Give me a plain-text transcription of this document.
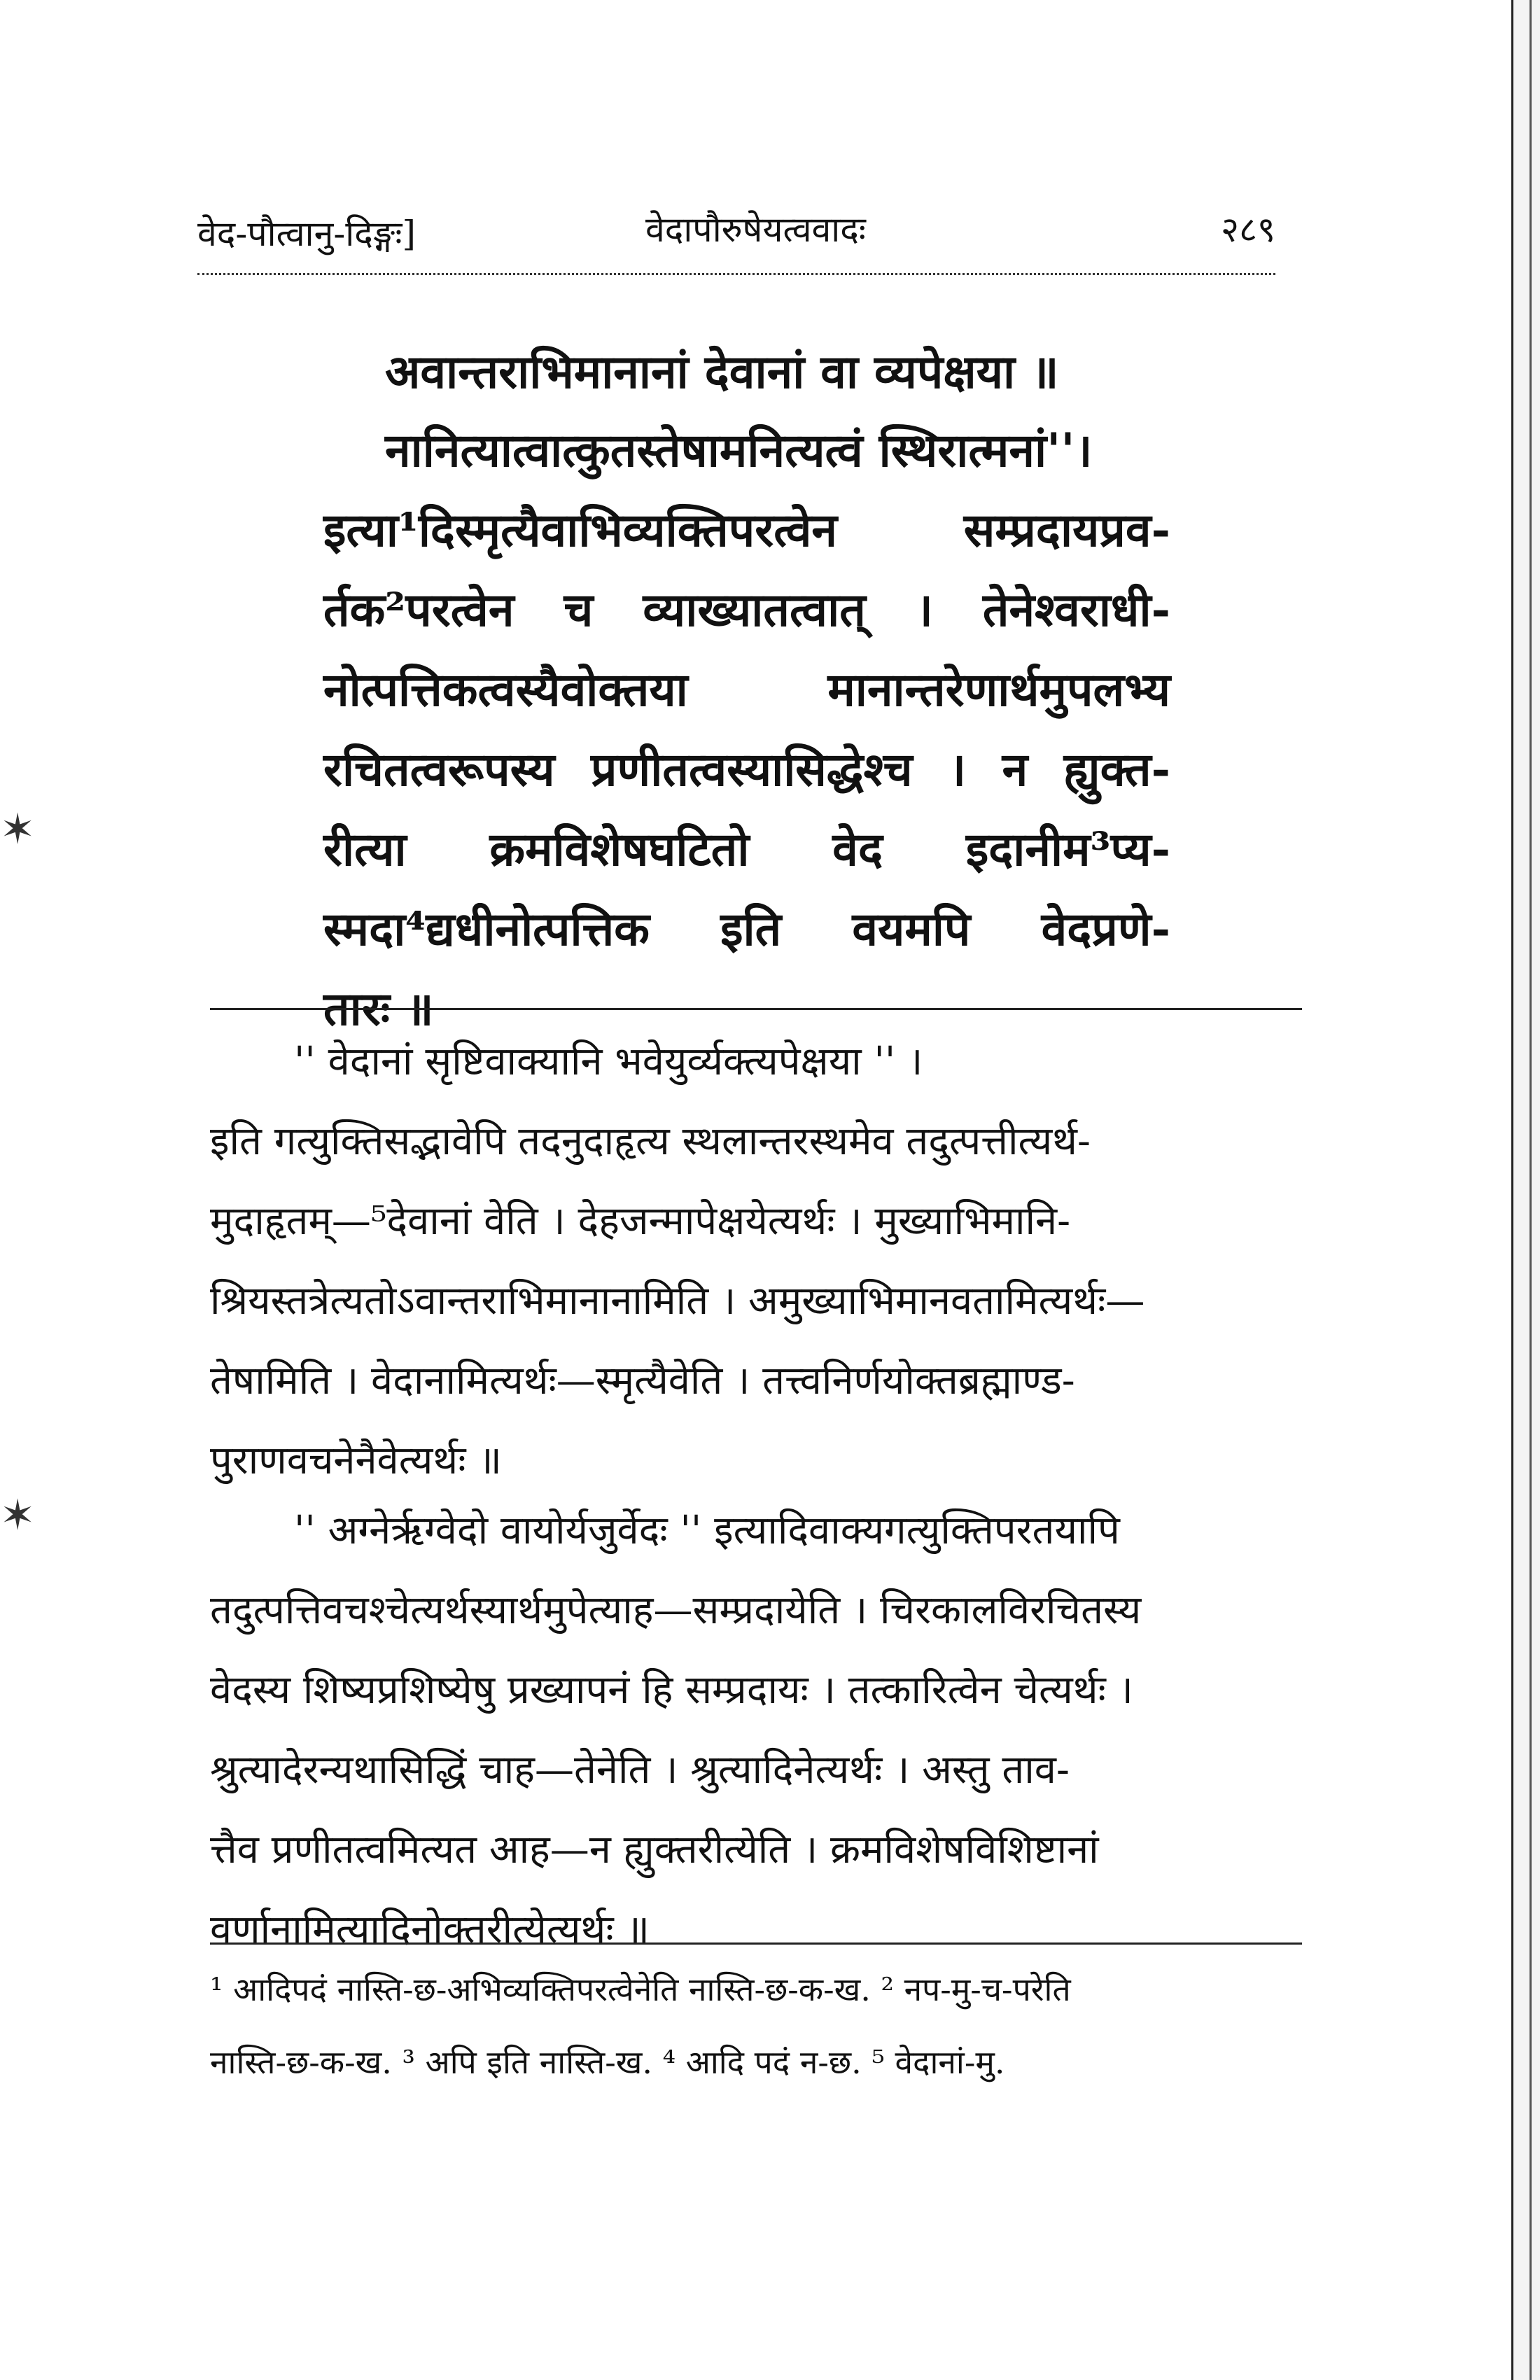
✶
✶
वेद-पौत्वानु-दिङ्गः]	वेदापौरुषेयत्ववादः	२८९
अवान्तराभिमानानां देवानां वा व्यपेक्षया ॥
नानित्यात्वात्कुतस्तेषामनित्यत्वं स्थिरात्मनां''।
इत्या¹दिस्मृत्यैवाभिव्यक्तिपरत्वेन सम्प्रदायप्रव-
र्तक²परत्वेन च व्याख्यातत्वात् । तेनेश्वराधी-
नोत्पत्तिकत्वस्यैवोक्तया मानान्तरेणार्थमुपलभ्य
रचितत्वरूपस्य प्रणीतत्वस्यासिद्धेश्च । न ह्युक्त-
रीत्या क्रमविशेषघटितो वेद इदानीम³प्य-
स्मदा⁴द्यधीनोत्पत्तिक इति वयमपि वेदप्रणे-
तारः ॥

'' वेदानां सृष्टिवाक्यानि भवेयुर्व्यक्त्यपेक्षया '' ।

इति गत्युक्तिसद्भावेपि तदनुदाहृत्य स्थलान्तरस्थमेव तदुत्पत्तीत्यर्थ-

मुदाहृतम्—⁵देवानां वेति । देहजन्मापेक्षयेत्यर्थः । मुख्याभिमानि-

श्रियस्तत्रेत्यतोऽवान्तराभिमानानामिति । अमुख्याभिमानवतामित्यर्थः—

तेषामिति । वेदानामित्यर्थः—स्मृत्यैवेति । तत्त्वनिर्णयोक्तब्रह्माण्ड-

पुराणवचनेनैवेत्यर्थः ॥

'' अग्नेरृग्वेदो वायोर्यजुर्वेदः '' इत्यादिवाक्यगत्युक्तिपरतयापि

तदुत्पत्तिवचश्चेत्यर्थस्यार्थमुपेत्याह—सम्प्रदायेति । चिरकालविरचितस्य

वेदस्य शिष्यप्रशिष्येषु प्रख्यापनं हि सम्प्रदायः । तत्कारित्वेन चेत्यर्थः ।

श्रुत्यादेरन्यथासिद्धिं चाह—तेनेति । श्रुत्यादिनेत्यर्थः । अस्तु ताव-

त्तैव प्रणीतत्वमित्यत आह—न ह्युक्तरीत्येति । क्रमविशेषविशिष्टानां

वर्णानामित्यादिनोक्तरीत्येत्यर्थः ॥

¹ आदिपदं नास्ति-छ-अभिव्यक्तिपरत्वेनेति नास्ति-छ-क-ख. ² नप-मु-च-परेति

नास्ति-छ-क-ख. ³ अपि इति नास्ति-ख. ⁴ आदि पदं न-छ. ⁵ वेदानां-मु.
